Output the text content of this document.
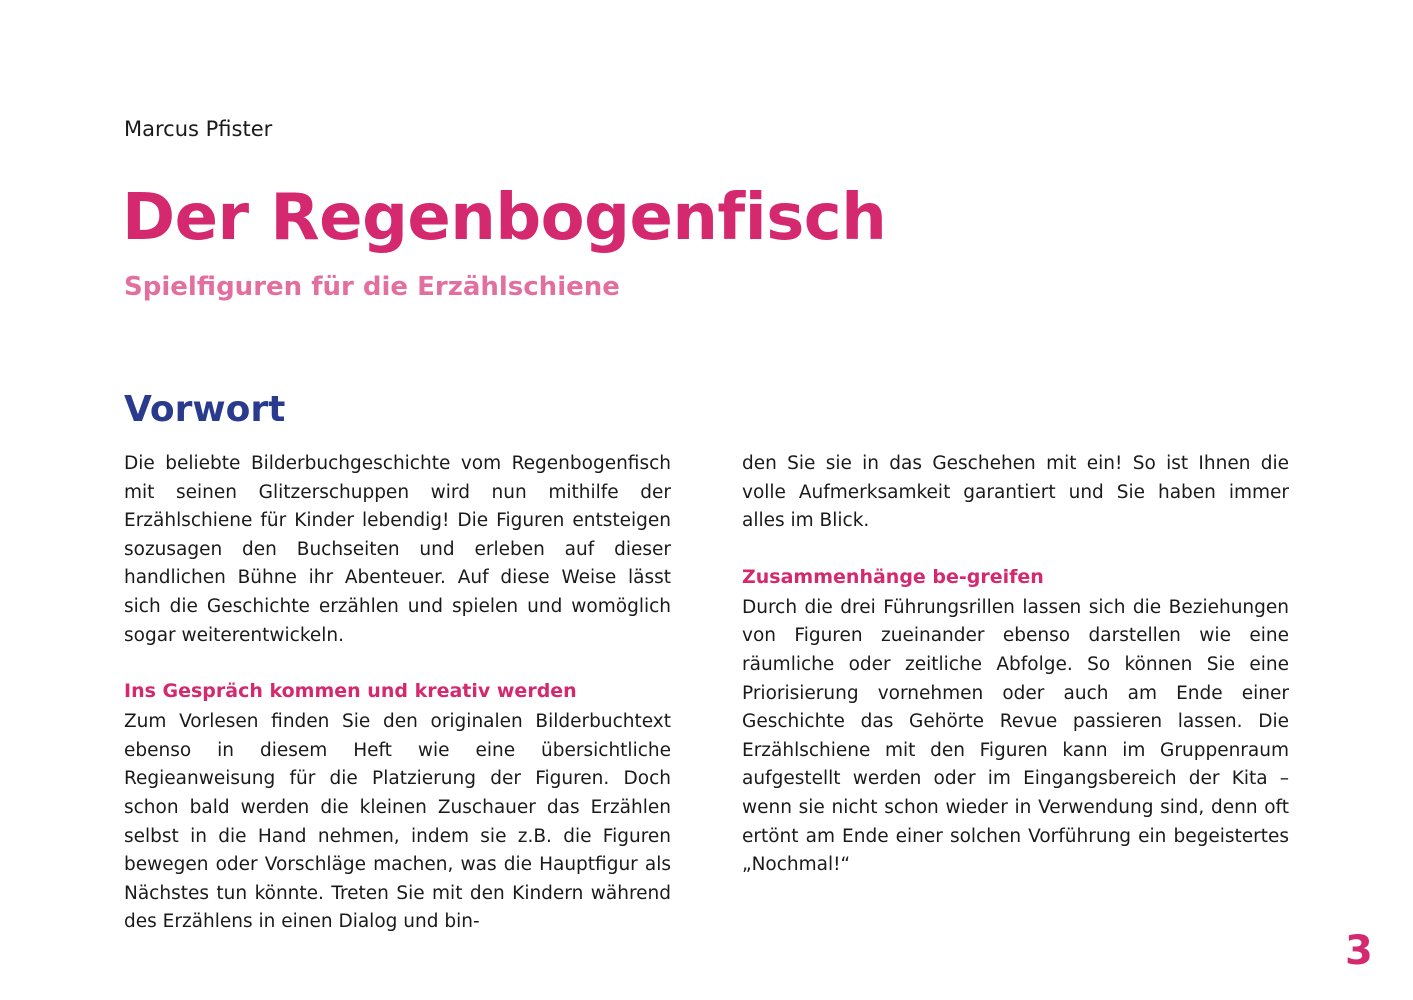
Marcus Pfister
Der Regenbogenfisch
Spielfiguren für die Erzählschiene
Vorwort

Die beliebte Bilderbuchgeschichte vom Regenbogenfisch mit seinen Glitzerschuppen wird nun mithilfe der Erzählschiene für Kinder lebendig! Die Figuren entsteigen sozusagen den Buchseiten und erleben auf dieser handlichen Bühne ihr Abenteuer. Auf diese Weise lässt sich die Geschichte erzählen und spielen und womöglich sogar weiterentwickeln.

Ins Gespräch kommen und kreativ werden

Zum Vorlesen finden Sie den originalen Bilderbuchtext ebenso in diesem Heft wie eine übersichtliche Regieanweisung für die Platzierung der Figuren. Doch schon bald werden die kleinen Zuschauer das Erzählen selbst in die Hand nehmen, indem sie z.B. die Figuren bewegen oder Vorschläge machen, was die Hauptfigur als Nächstes tun könnte. Treten Sie mit den Kindern während des Erzählens in einen Dialog und bin-

den Sie sie in das Geschehen mit ein! So ist Ihnen die volle Aufmerksamkeit garantiert und Sie haben immer alles im Blick.

Zusammenhänge be-greifen

Durch die drei Führungsrillen lassen sich die Beziehungen von Figuren zueinander ebenso darstellen wie eine räumliche oder zeitliche Abfolge. So können Sie eine Priorisierung vornehmen oder auch am Ende einer Geschichte das Gehörte Revue passieren lassen. Die Erzählschiene mit den Figuren kann im Gruppenraum aufgestellt werden oder im Eingangsbereich der Kita – wenn sie nicht schon wieder in Verwendung sind, denn oft ertönt am Ende einer solchen Vorführung ein begeistertes „Nochmal!“

3
